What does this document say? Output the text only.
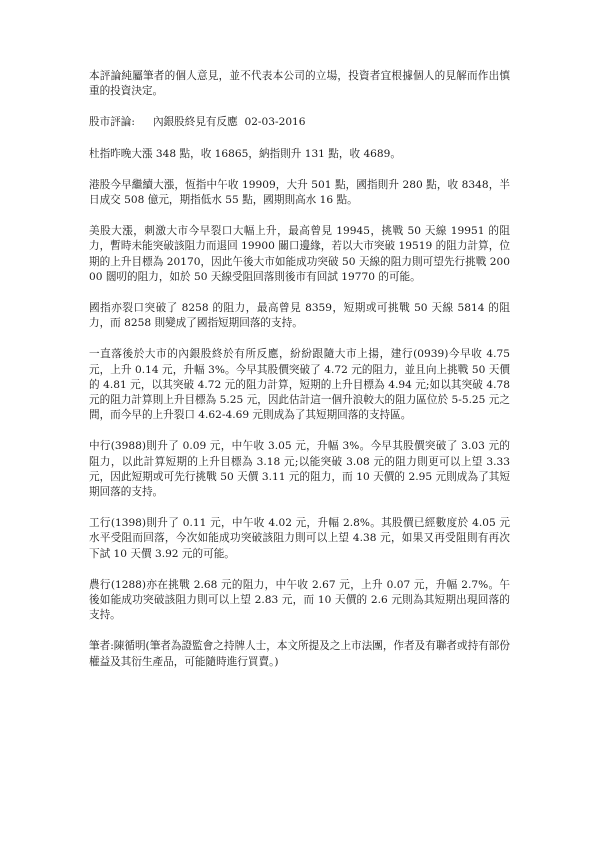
本評論純屬筆者的個人意見，並不代表本公司的立場，投資者宜根據個人的見解而作出慎重的投資決定。

股市評論: 內銀股終見有反應 02-03-2016

杜指昨晚大漲 348 點，收 16865，納指則升 131 點，收 4689。

港股今早繼續大漲，恆指中午收 19909，大升 501 點，國指則升 280 點，收 8348，半日成交 508 億元，期指低水 55 點，國期則高水 16 點。

美股大漲，刺激大市今早裂口大幅上升，最高曾見 19945，挑戰 50 天線 19951 的阻力，暫時未能突破該阻力而退回 19900 關口邊緣，若以大市突破 19519 的阻力計算，位期的上升目標為 20170，因此午後大市如能成功突破 50 天線的阻力則可望先行挑戰 20000 闊叨的阻力，如於 50 天線受阻回落則後市有回試 19770 的可能。

國指亦裂口突破了 8258 的阻力，最高曾見 8359，短期或可挑戰 50 天線 5814 的阻力，而 8258 則變成了國指短期回落的支持。

一直落後於大市的內銀股終於有所反應，紛紛跟隨大市上揚，建行(0939)今早收 4.75 元，上升 0.14 元，升幅 3%。今早其股價突破了 4.72 元的阻力，並且向上挑戰 50 天價的 4.81 元，以其突破 4.72 元的阻力計算，短期的上升目標為 4.94 元;如以其突破 4.78 元的阻力計算則上升目標為 5.25 元，因此估計這一個升浪較大的阻力區位於 5-5.25 元之間，而今早的上升裂口 4.62-4.69 元則成為了其短期回落的支持區。

中行(3988)則升了 0.09 元，中午收 3.05 元，升幅 3%。今早其股價突破了 3.03 元的阻力，以此計算短期的上升目標為 3.18 元;以能突破 3.08 元的阻力則更可以上望 3.33 元，因此短期或可先行挑戰 50 天價 3.11 元的阻力，而 10 天價的 2.95 元則成為了其短期回落的支持。

工行(1398)則升了 0.11 元，中午收 4.02 元，升幅 2.8%。其股價已經數度於 4.05 元水平受阻而回落，今次如能成功突破該阻力則可以上望 4.38 元，如果又再受阻則有再次下試 10 天價 3.92 元的可能。

農行(1288)亦在挑戰 2.68 元的阻力，中午收 2.67 元，上升 0.07 元，升幅 2.7%。午後如能成功突破該阻力則可以上望 2.83 元，而 10 天價的 2.6 元則為其短期出現回落的支持。

筆者:陳循明(筆者為證監會之持牌人士，本文所提及之上市法團，作者及有聯者或持有部份權益及其衍生產品，可能隨時進行買賣。)
